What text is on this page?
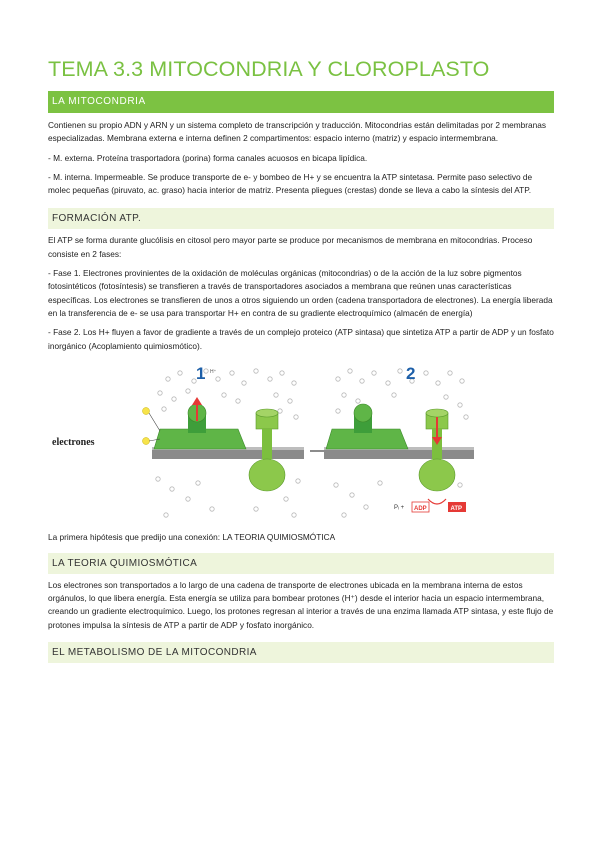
TEMA 3.3 MITOCONDRIA Y CLOROPLASTO
LA MITOCONDRIA

Contienen su propio ADN y ARN y un sistema completo de transcripción y traducción. Mitocondrias están delimitadas por 2 membranas especializadas. Membrana externa e interna definen 2 compartimentos: espacio interno (matriz) y espacio intermembrana.

- M. externa. Proteína trasportadora (porina) forma canales acuosos en bicapa lipídica.

- M. interna. Impermeable. Se produce transporte de e- y bombeo de H+ y se encuentra la ATP sintetasa. Permite paso selectivo de molec pequeñas (piruvato, ac. graso) hacia interior de matriz. Presenta pliegues (crestas) donde se lleva a cabo la síntesis del ATP.

FORMACIÓN ATP.

El ATP se forma durante glucólisis en citosol pero mayor parte se produce por mecanismos de membrana en mitocondrias. Proceso consiste en 2 fases:

- Fase 1. Electrones provinientes de la oxidación de moléculas orgánicas (mitocondrias) o de la acción de la luz sobre pigmentos fotosintéticos (fotosíntesis) se transfieren a través de transportadores asociados a membrana que reúnen unas características específicas. Los electrones se transfieren de unos a otros siguiendo un orden (cadena transportadora de electrones). La energía liberada en la transferencia de e- se usa para transportar H+ en contra de su gradiente electroquímico (almacén de energía)

- Fase 2. Los H+ fluyen a favor de gradiente a través de un complejo proteico (ATP sintasa) que sintetiza ATP a partir de ADP y un fosfato inorgánico (Acoplamiento quimiosmótico).

electrones
1 H⁺	2
Pᵢ + ADP	ATP

La primera hipótesis que predijo una conexión: LA TEORIA QUIMIOSMÓTICA

LA TEORIA QUIMIOSMÓTICA

Los electrones son transportados a lo largo de una cadena de transporte de electrones ubicada en la membrana interna de estos orgánulos, lo que libera energía. Esta energía se utiliza para bombear protones (H⁺) desde el interior hacia un espacio intermembrana, creando un gradiente electroquímico. Luego, los protones regresan al interior a través de una enzima llamada ATP sintasa, y este flujo de protones impulsa la síntesis de ATP a partir de ADP y fosfato inorgánico.

EL METABOLISMO DE LA MITOCONDRIA
